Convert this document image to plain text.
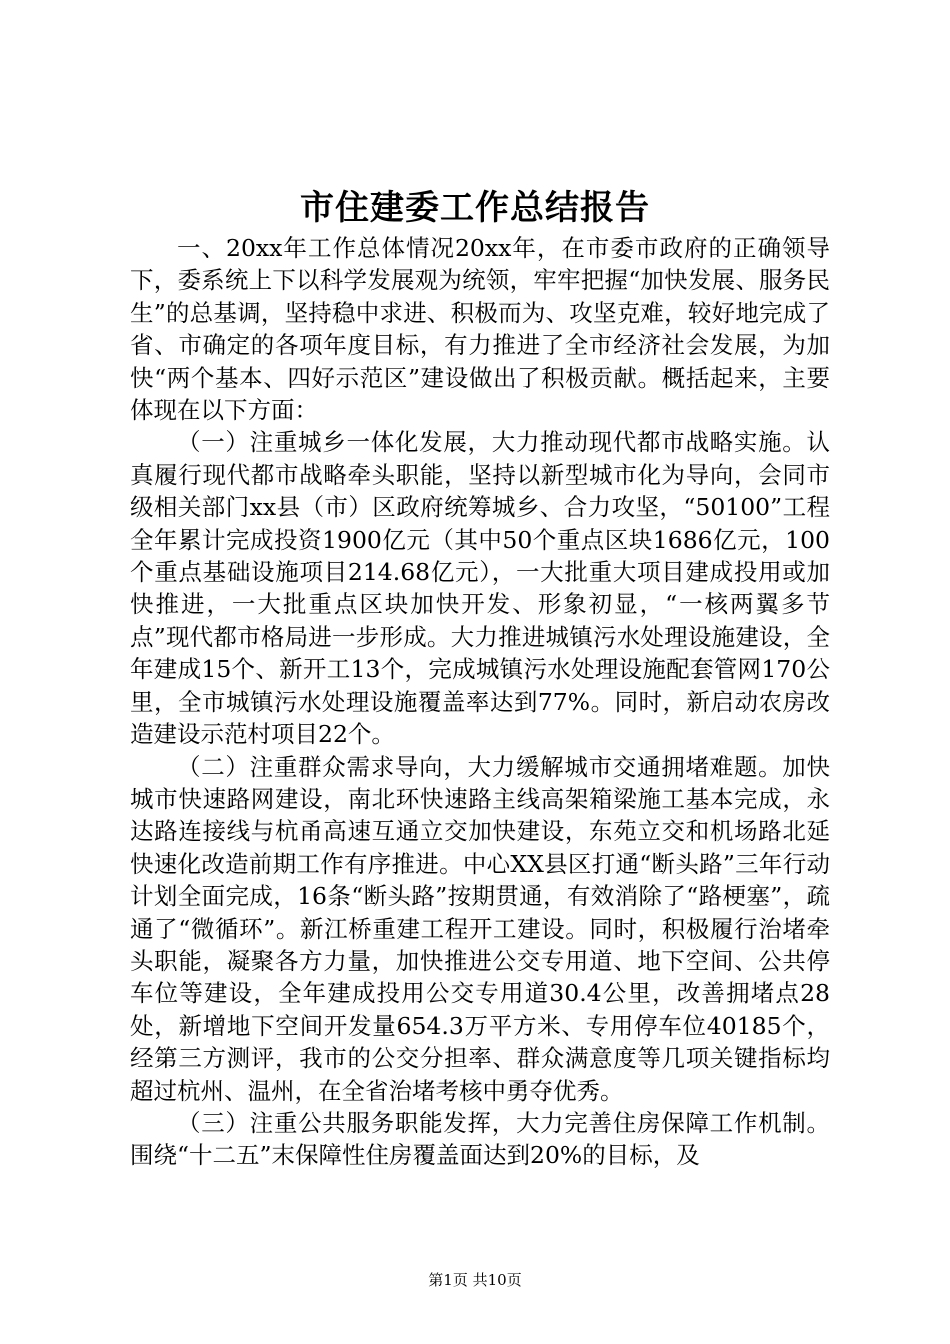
市住建委工作总结报告

一、20xx年工作总体情况20xx年，在市委市政府的正确领导下，委系统上下以科学发展观为统领，牢牢把握“加快发展、服务民生”的总基调，坚持稳中求进、积极而为、攻坚克难，较好地完成了省、市确定的各项年度目标，有力推进了全市经济社会发展，为加快“两个基本、四好示范区”建设做出了积极贡献。概括起来，主要体现在以下方面：

（一）注重城乡一体化发展，大力推动现代都市战略实施。认真履行现代都市战略牵头职能，坚持以新型城市化为导向，会同市级相关部门xx县（市）区政府统筹城乡、合力攻坚，“50100”工程全年累计完成投资1900亿元（其中50个重点区块1686亿元，100个重点基础设施项目214.68亿元），一大批重大项目建成投用或加快推进，一大批重点区块加快开发、形象初显，“一核两翼多节点”现代都市格局进一步形成。大力推进城镇污水处理设施建设，全年建成15个、新开工13个，完成城镇污水处理设施配套管网170公里，全市城镇污水处理设施覆盖率达到77%。同时，新启动农房改造建设示范村项目22个。

（二）注重群众需求导向，大力缓解城市交通拥堵难题。加快城市快速路网建设，南北环快速路主线高架箱梁施工基本完成，永达路连接线与杭甬高速互通立交加快建设，东苑立交和机场路北延快速化改造前期工作有序推进。中心XX县区打通“断头路”三年行动计划全面完成，16条“断头路”按期贯通，有效消除了“路梗塞”，疏通了“微循环”。新江桥重建工程开工建设。同时，积极履行治堵牵头职能，凝聚各方力量，加快推进公交专用道、地下空间、公共停车位等建设，全年建成投用公交专用道30.4公里，改善拥堵点28处，新增地下空间开发量654.3万平方米、专用停车位40185个，经第三方测评，我市的公交分担率、群众满意度等几项关键指标均超过杭州、温州，在全省治堵考核中勇夺优秀。

（三）注重公共服务职能发挥，大力完善住房保障工作机制。围绕“十二五”末保障性住房覆盖面达到20%的目标，及

第1页 共10页
